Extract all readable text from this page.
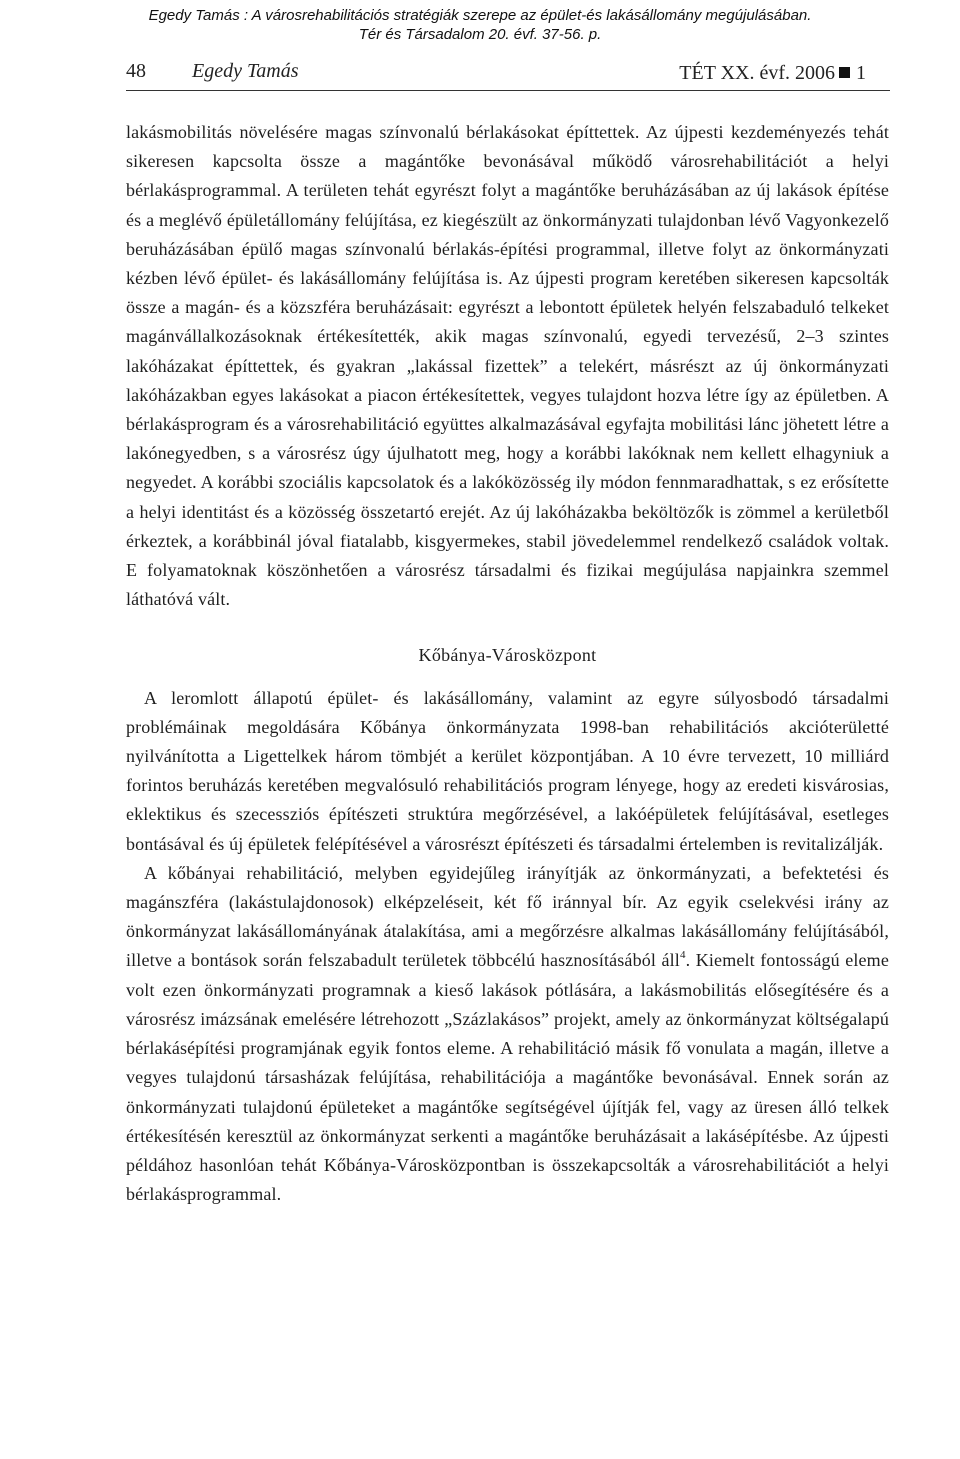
Egedy Tamás : A városrehabilitációs stratégiák szerepe az épület-és lakásállomány megújulásában.
Tér és Társadalom 20. évf. 37-56. p.
48 Egedy Tamás	TÉT XX. évf. 2006 1

lakásmobilitás növelésére magas színvonalú bérlakásokat építtettek. Az újpesti kezdeményezés tehát sikeresen kapcsolta össze a magántőke bevonásával működő városrehabilitációt a helyi bérlakásprogrammal. A területen tehát egyrészt folyt a magántőke beruházásában az új lakások építése és a meglévő épületállomány felújítása, ez kiegészült az önkormányzati tulajdonban lévő Vagyonkezelő beruházásában épülő magas színvonalú bérlakás-építési programmal, illetve folyt az önkormányzati kézben lévő épület- és lakásállomány felújítása is. Az újpesti program keretében sikeresen kapcsolták össze a magán- és a közszféra beruházásait: egyrészt a lebontott épületek helyén felszabaduló telkeket magánvállalkozásoknak értékesítették, akik magas színvonalú, egyedi tervezésű, 2–3 szintes lakóházakat építtettek, és gyakran „lakással fizettek” a telekért, másrészt az új önkormányzati lakóházakban egyes lakásokat a piacon értékesítettek, vegyes tulajdont hozva létre így az épületben. A bérlakásprogram és a városrehabilitáció együttes alkalmazásával egyfajta mobilitási lánc jöhetett létre a lakónegyedben, s a városrész úgy újulhatott meg, hogy a korábbi lakóknak nem kellett elhagyniuk a negyedet. A korábbi szociális kapcsolatok és a lakóközösség ily módon fennmaradhattak, s ez erősítette a helyi identitást és a közösség összetartó erejét. Az új lakóházakba beköltözők is zömmel a kerületből érkeztek, a korábbinál jóval fiatalabb, kisgyermekes, stabil jövedelemmel rendelkező családok voltak. E folyamatoknak köszönhetően a városrész társadalmi és fizikai megújulása napjainkra szemmel láthatóvá vált.

Kőbánya-Városközpont

A leromlott állapotú épület- és lakásállomány, valamint az egyre súlyosbodó társadalmi problémáinak megoldására Kőbánya önkormányzata 1998-ban rehabilitációs akcióterületté nyilvánította a Ligettelkek három tömbjét a kerület központjában. A 10 évre tervezett, 10 milliárd forintos beruházás keretében megvalósuló rehabilitációs program lényege, hogy az eredeti kisvárosias, eklektikus és szecessziós építészeti struktúra megőrzésével, a lakóépületek felújításával, esetleges bontásával és új épületek felépítésével a városrészt építészeti és társadalmi értelemben is revitalizálják.

A kőbányai rehabilitáció, melyben egyidejűleg irányítják az önkormányzati, a befektetési és magánszféra (lakástulajdonosok) elképzeléseit, két fő iránnyal bír. Az egyik cselekvési irány az önkormányzat lakásállományának átalakítása, ami a megőrzésre alkalmas lakásállomány felújításából, illetve a bontások során felszabadult területek többcélú hasznosításából áll$^4$. Kiemelt fontosságú eleme volt ezen önkormányzati programnak a kieső lakások pótlására, a lakásmobilitás elősegítésére és a városrész imázsának emelésére létrehozott „Százlakásos” projekt, amely az önkormányzat költségalapú bérlakásépítési programjának egyik fontos eleme. A rehabilitáció másik fő vonulata a magán, illetve a vegyes tulajdonú társasházak felújítása, rehabilitációja a magántőke bevonásával. Ennek során az önkormányzati tulajdonú épületeket a magántőke segítségével újítják fel, vagy az üresen álló telkek értékesítésén keresztül az önkormányzat serkenti a magántőke beruházásait a lakásépítésbe. Az újpesti példához hasonlóan tehát Kőbánya-Városközpontban is összekapcsolták a városrehabilitációt a helyi bérlakásprogrammal.
